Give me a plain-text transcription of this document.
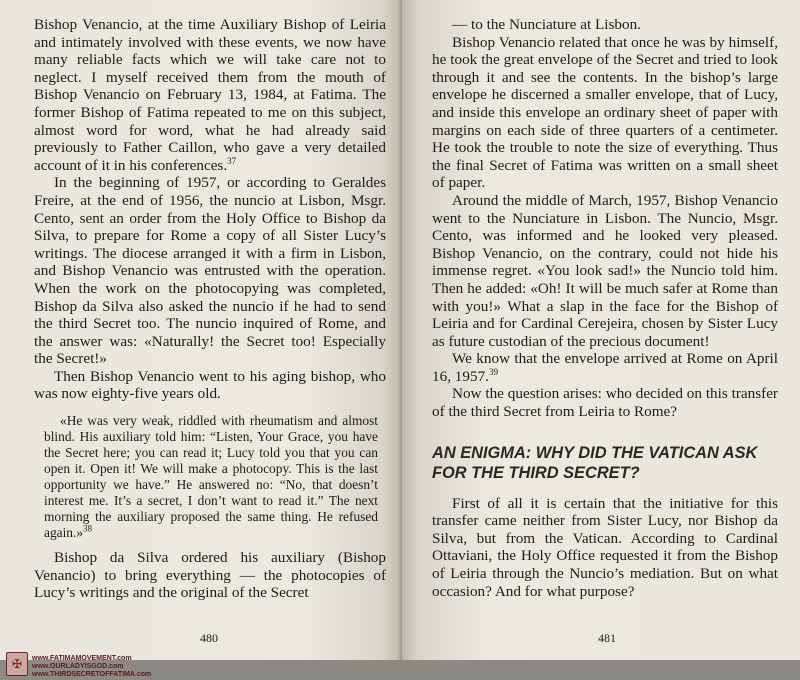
Bishop Venancio, at the time Auxiliary Bishop of Leiria and intimately involved with these events, we now have many reliable facts which we will take care not to neglect. I myself received them from the mouth of Bishop Venancio on February 13, 1984, at Fatima. The former Bishop of Fatima repeated to me on this subject, almost word for word, what he had already said previously to Father Caillon, who gave a very detailed account of it in his conferences.$^{37}$

In the beginning of 1957, or according to Geraldes Freire, at the end of 1956, the nuncio at Lisbon, Msgr. Cento, sent an order from the Holy Office to Bishop da Silva, to prepare for Rome a copy of all Sister Lucy’s writings. The diocese arranged it with a firm in Lisbon, and Bishop Venancio was entrusted with the operation. When the work on the photocopying was completed, Bishop da Silva also asked the nuncio if he had to send the third Secret too. The nuncio inquired of Rome, and the answer was: «Naturally! the Secret too! Especially the Secret!»

Then Bishop Venancio went to his aging bishop, who was now eighty-five years old.

«He was very weak, riddled with rheumatism and almost blind. His auxiliary told him: “Listen, Your Grace, you have the Secret here; you can read it; Lucy told you that you can open it. Open it! We will make a photocopy. This is the last opportunity we have.” He answered no: “No, that doesn’t interest me. It’s a secret, I don’t want to read it.” The next morning the auxiliary proposed the same thing. He refused again.»$^{38}$

Bishop da Silva ordered his auxiliary (Bishop Venancio) to bring everything — the photocopies of Lucy’s writings and the original of the Secret

480

— to the Nunciature at Lisbon.

Bishop Venancio related that once he was by himself, he took the great envelope of the Secret and tried to look through it and see the contents. In the bishop’s large envelope he discerned a smaller envelope, that of Lucy, and inside this envelope an ordinary sheet of paper with margins on each side of three quarters of a centimeter. He took the trouble to note the size of everything. Thus the final Secret of Fatima was written on a small sheet of paper.

Around the middle of March, 1957, Bishop Venancio went to the Nunciature in Lisbon. The Nuncio, Msgr. Cento, was informed and he looked very pleased. Bishop Venancio, on the contrary, could not hide his immense regret. «You look sad!» the Nuncio told him. Then he added: «Oh! It will be much safer at Rome than with you!» What a slap in the face for the Bishop of Leiria and for Cardinal Cerejeira, chosen by Sister Lucy as future custodian of the precious document!

We know that the envelope arrived at Rome on April 16, 1957.39

Now the question arises: who decided on this transfer of the third Secret from Leiria to Rome?

AN ENIGMA: WHY DID THE VATICAN ASK FOR THE THIRD SECRET?

First of all it is certain that the initiative for this transfer came neither from Sister Lucy, nor Bishop da Silva, but from the Vatican. According to Cardinal Ottaviani, the Holy Office requested it from the Bishop of Leiria through the Nuncio’s mediation. But on what occasion? And for what purpose?

481
✠ www.FATIMAMOVEMENT.com
www.OURLADYISGOD.com
www.THIRDSECRETOFFATIMA.com
